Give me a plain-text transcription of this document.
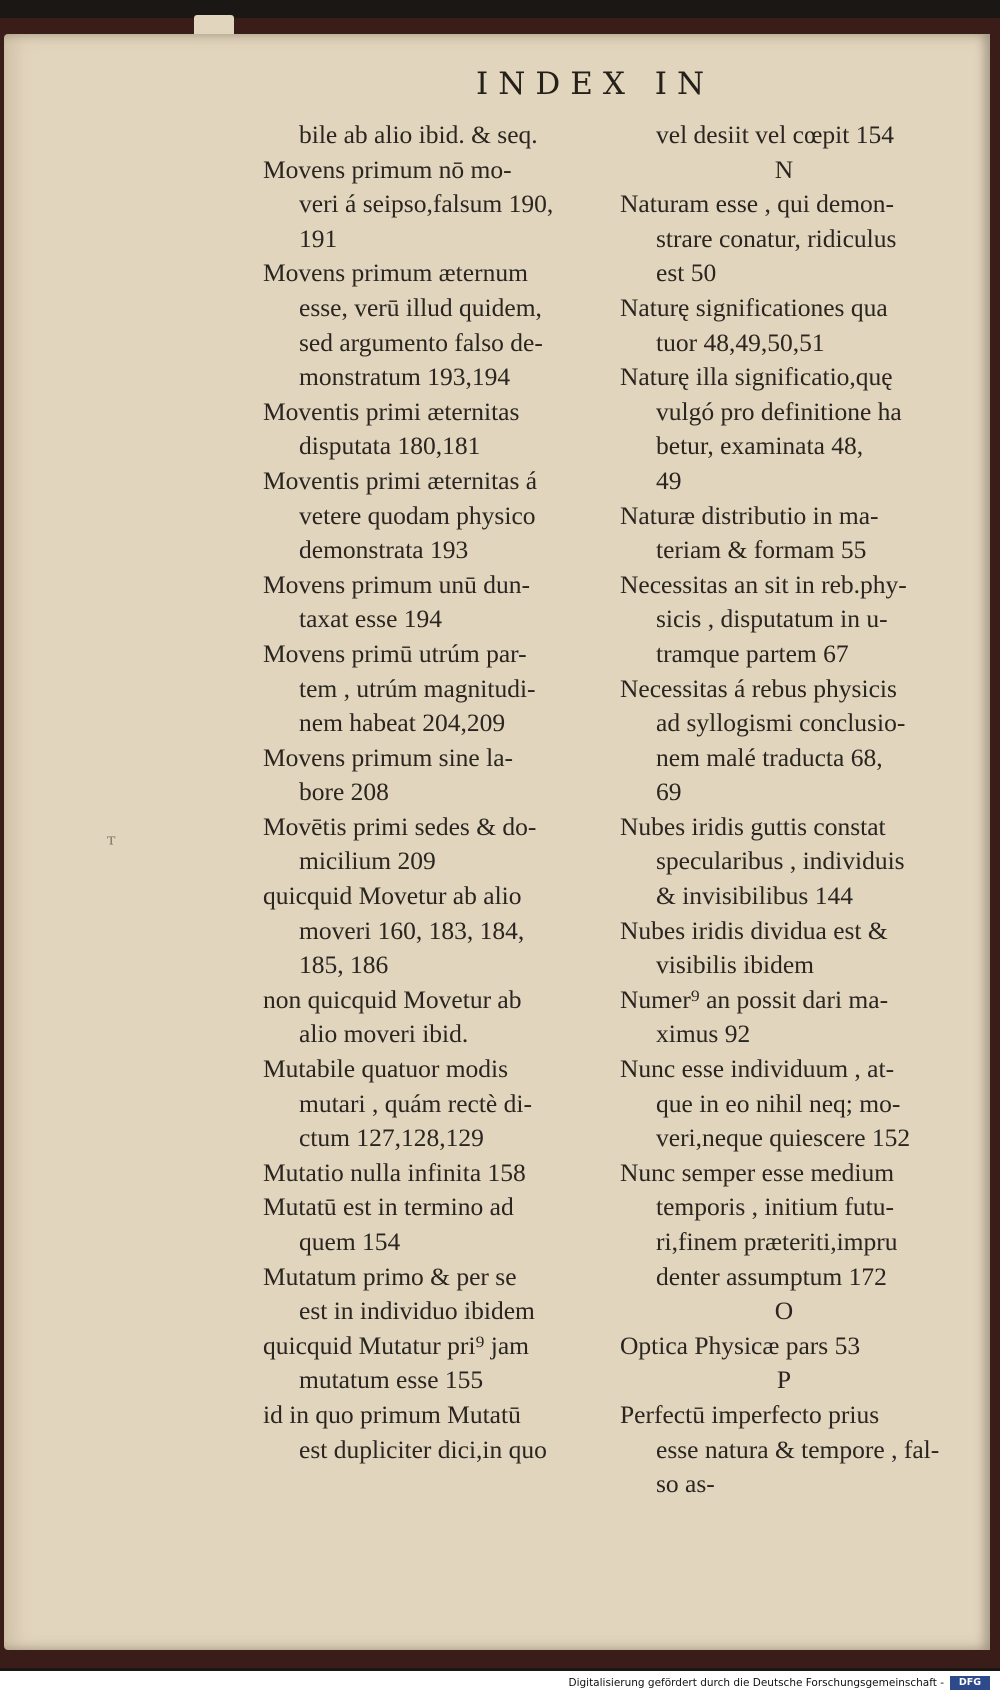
INDEX IN
bile ab alio ibid. & seq.
Movens primum nō mo-
veri á seipso,falsum 190,
191
Movens primum æternum
esse, verū illud quidem,
sed argumento falso de-
monstratum 193,194
Moventis primi æternitas
disputata 180,181
Moventis primi æternitas á
vetere quodam physico
demonstrata 193
Movens primum unū dun-
taxat esse 194
Movens primū utrúm par-
tem , utrúm magnitudi-
nem habeat 204,209
Movens primum sine la-
bore 208
Movētis primi sedes & do-
micilium 209
quicquid Movetur ab alio
moveri 160, 183, 184,
185, 186
non quicquid Movetur ab
alio moveri ibid.
Mutabile quatuor modis
mutari , quám rectè di-
ctum 127,128,129
Mutatio nulla infinita 158
Mutatū est in termino ad
quem 154
Mutatum primo & per se
est in individuo ibidem
quicquid Mutatur pri⁹ jam
mutatum esse 155
id in quo primum Mutatū
est dupliciter dici,in quo
vel desiit vel cœpit 154
N
Naturam esse , qui demon-
strare conatur, ridiculus
est 50
Naturę significationes qua
tuor 48,49,50,51
Naturę illa significatio,quę
vulgó pro definitione ha
betur, examinata 48,
49
Naturæ distributio in ma-
teriam & formam 55
Necessitas an sit in reb.phy-
sicis , disputatum in u-
tramque partem 67
Necessitas á rebus physicis
ad syllogismi conclusio-
nem malé traducta 68,
69
Nubes iridis guttis constat
specularibus , individuis
& invisibilibus 144
Nubes iridis dividua est &
visibilis ibidem
Numer⁹ an possit dari ma-
ximus 92
Nunc esse individuum , at-
que in eo nihil neq; mo-
veri,neque quiescere 152
Nunc semper esse medium
temporis , initium futu-
ri,finem præteriti,impru
denter assumptum 172
O
Optica Physicæ pars 53
P
Perfectū imperfecto prius
esse natura & tempore , fal-
so as-
ᵀ
Digitalisierung gefördert durch die Deutsche Forschungsgemeinschaft -	DFG
